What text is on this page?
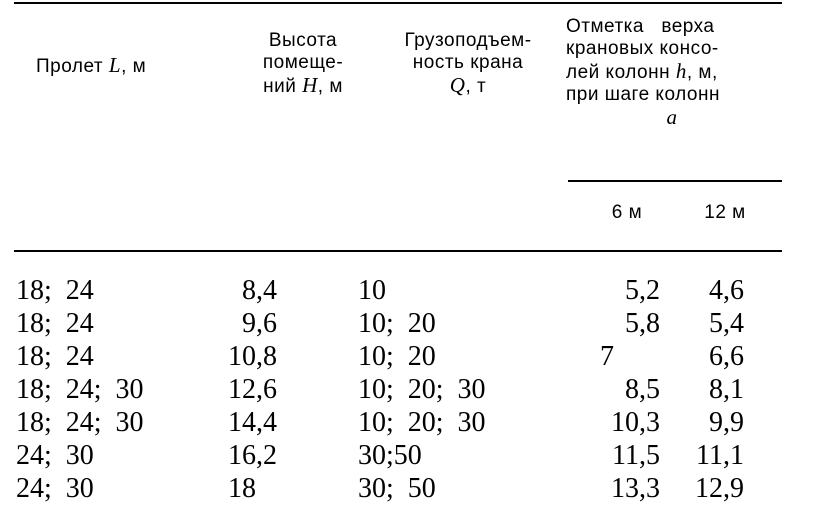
Пролет L, м
Высота
помеще-
ний H, м
Грузоподъем-
ность крана
Q, т
Отметка   верха
крановых консо-
лей колонн h, м,
при шаге колонн
a
6 м	12 м
18;  24	8,4	10	5,2	4,6
18;  24	9,6	10;  20	5,8	5,4
18;  24	10,8	10;  20	7	6,6
18;  24;  30	12,6	10;  20;  30	8,5	8,1
18;  24;  30	14,4	10;  20;  30	10,3	9,9
24;  30	16,2	30;50	11,5	11,1
24;  30	18	30;  50	13,3	12,9
